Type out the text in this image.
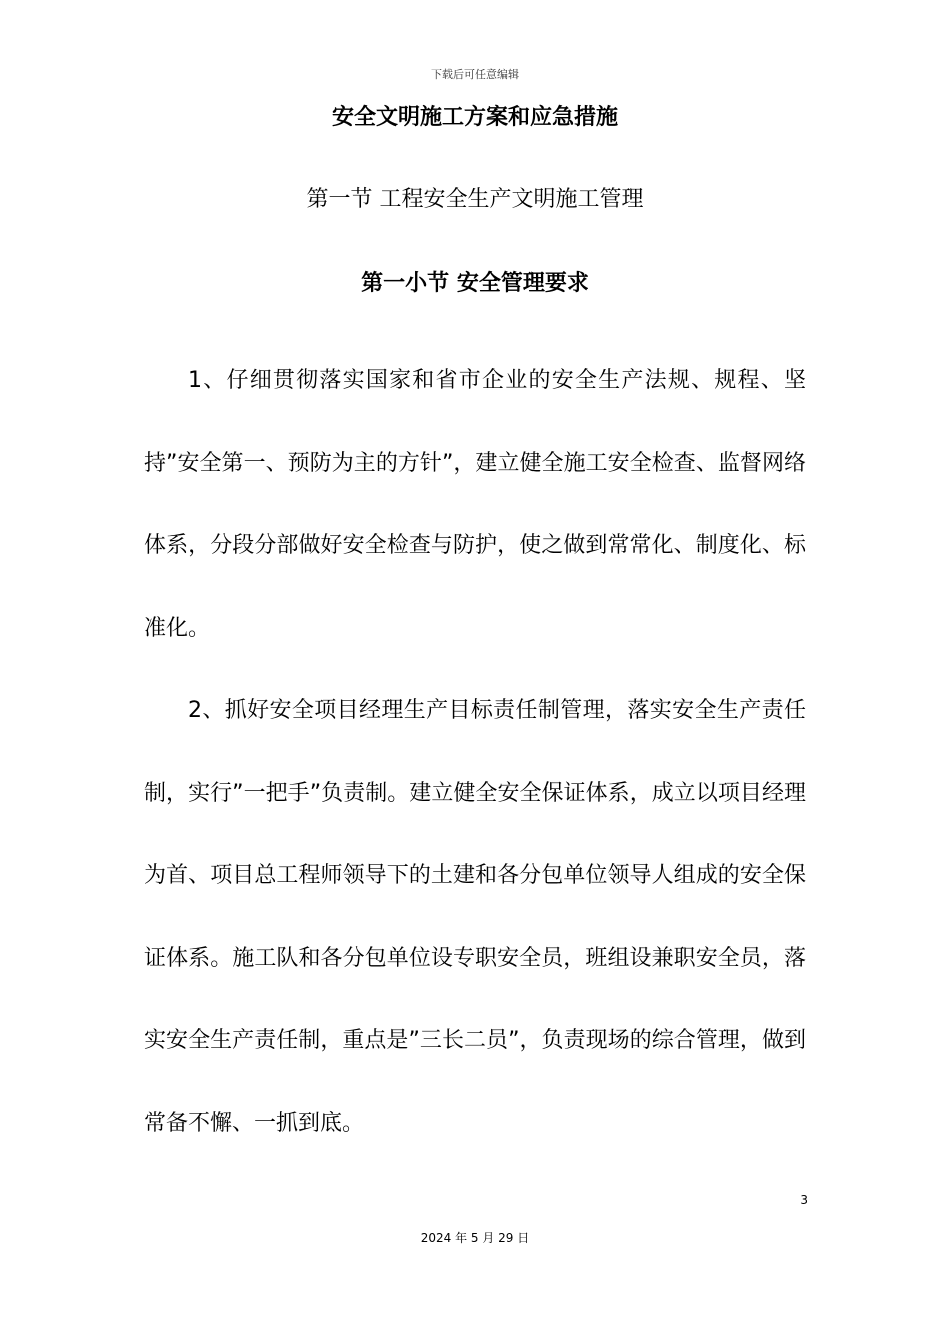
下载后可任意编辑
安全文明施工方案和应急措施
第一节 工程安全生产文明施工管理
第一小节 安全管理要求

1、仔细贯彻落实国家和省市企业的安全生产法规、规程、坚持”安全第一、预防为主的方针”，建立健全施工安全检查、监督网络体系，分段分部做好安全检查与防护，使之做到常常化、制度化、标准化。

2、抓好安全项目经理生产目标责任制管理，落实安全生产责任制，实行”一把手”负责制。建立健全安全保证体系，成立以项目经理为首、项目总工程师领导下的土建和各分包单位领导人组成的安全保证体系。施工队和各分包单位设专职安全员，班组设兼职安全员，落实安全生产责任制，重点是”三长二员”，负责现场的综合管理，做到常备不懈、一抓到底。

3
2024 年 5 月 29 日
